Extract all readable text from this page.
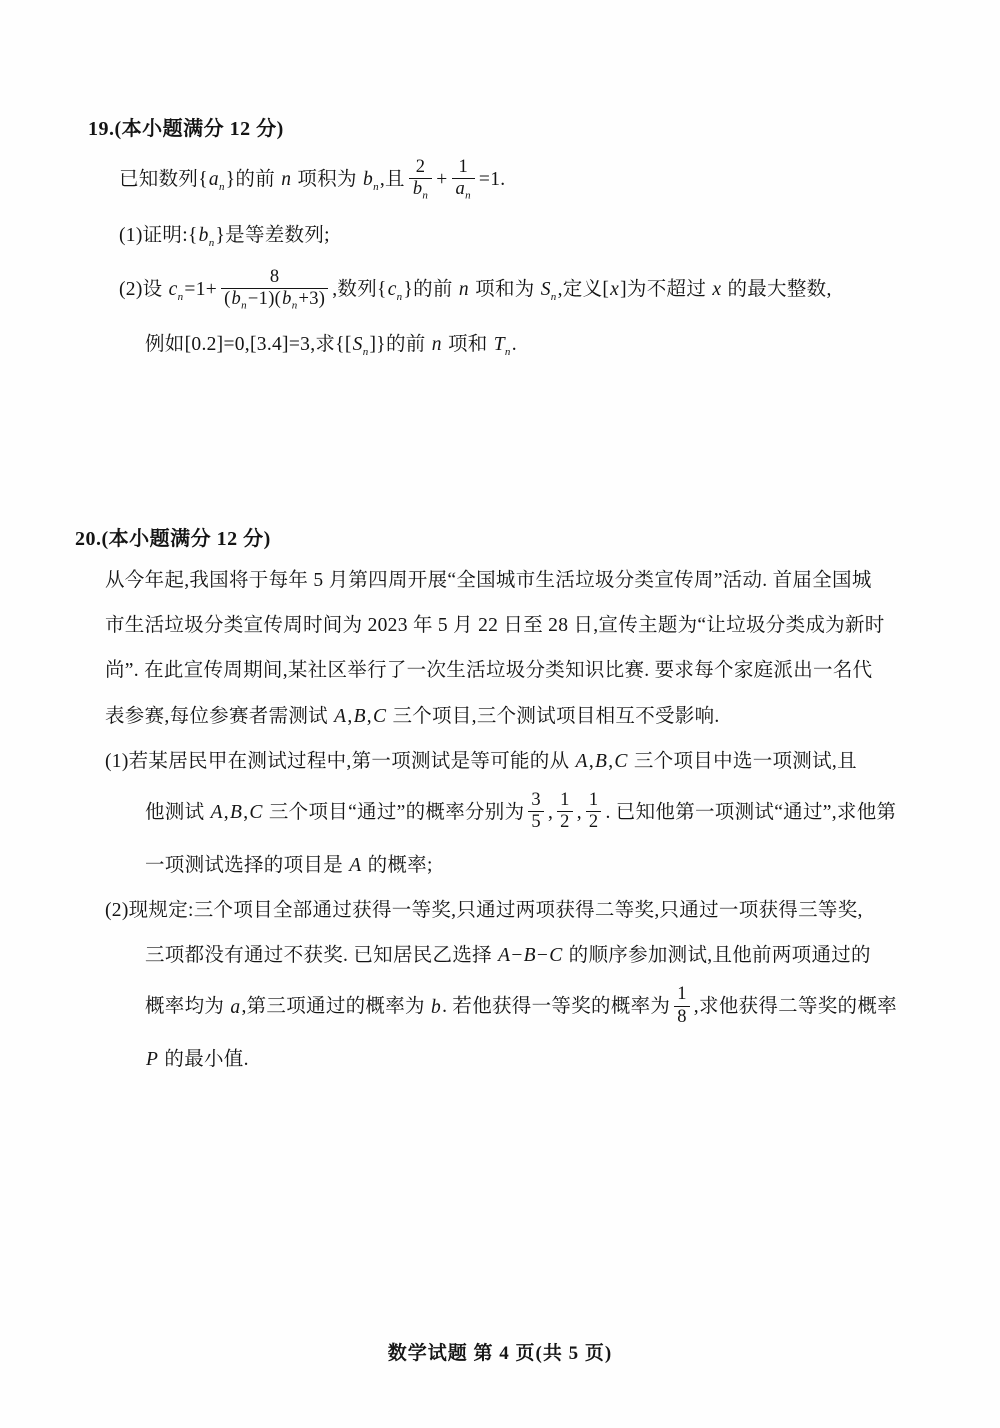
19.(本小题满分 12 分)
已知数列$\{a_n\}$的前 n 项积为 $b_n$,且 $\frac{2}{b_n} + \frac{1}{a_n} =1$.
(1)证明$:\{b_n\}$是等差数列;
(2)设 $c_n=1+ \frac{8}{(b_n-1)(b_n+3)}$ ,数列$\{c_n\}$的前 n 项和为 $S_n$,定义[x]为不超过 x 的最大整数,
例如[0.2]=0,[3.4]=3,求$\{[S_n]\}$的前 n 项和 $T_n$.
20.(本小题满分 12 分)
从今年起,我国将于每年 5 月第四周开展“全国城市生活垃圾分类宣传周”活动. 首届全国城
市生活垃圾分类宣传周时间为 2023 年 5 月 22 日至 28 日,宣传主题为“让垃圾分类成为新时
尚”. 在此宣传周期间,某社区举行了一次生活垃圾分类知识比赛. 要求每个家庭派出一名代
表参赛,每位参赛者需测试 A,B,C 三个项目,三个测试项目相互不受影响.
(1)若某居民甲在测试过程中,第一项测试是等可能的从 A,B,C 三个项目中选一项测试,且
他测试 A,B,C 三个项目“通过”的概率分别为 $\frac{3}{5}$ , $\frac{1}{2}$ , $\frac{1}{2}$ . 已知他第一项测试“通过”,求他第
一项测试选择的项目是 A 的概率;
(2)现规定:三个项目全部通过获得一等奖,只通过两项获得二等奖,只通过一项获得三等奖,
三项都没有通过不获奖. 已知居民乙选择 A−B−C 的顺序参加测试,且他前两项通过的
概率均为 a,第三项通过的概率为 b. 若他获得一等奖的概率为 $\frac{1}{8}$ ,求他获得二等奖的概率
P 的最小值.
数学试题 第 4 页(共 5 页)
